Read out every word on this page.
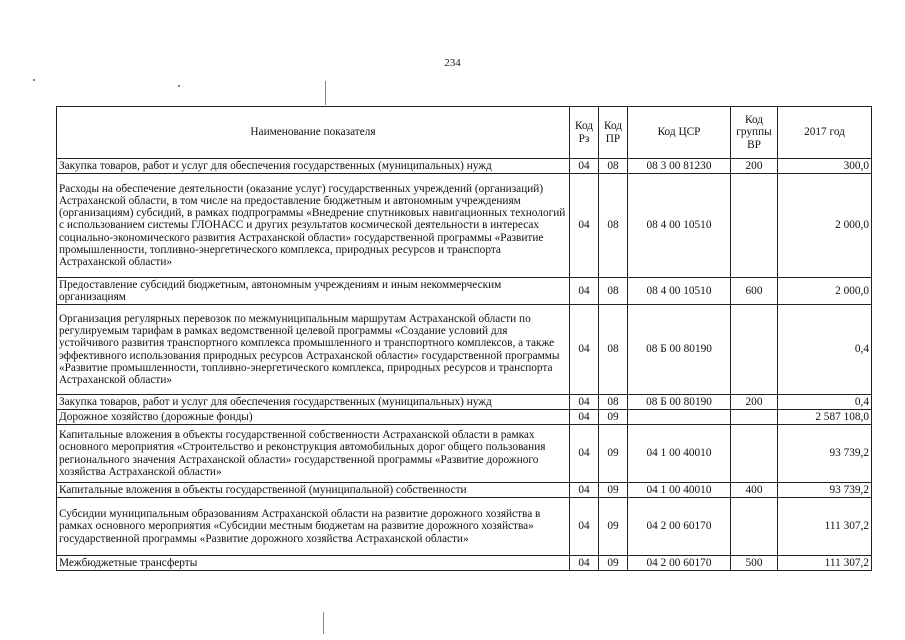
234
Наименование показателя	Код Рз	Код ПР	Код ЦСР	Код группы ВР	2017 год
Закупка товаров, работ и услуг для обеспечения государственных (муниципальных) нужд	04	08	08 3 00 81230	200	300,0
Расходы на обеспечение деятельности (оказание услуг) государственных учреждений (организаций) Астраханской области, в том числе на предоставление бюджетным и автономным учреждениям (организациям) субсидий, в рамках подпрограммы «Внедрение спутниковых навигационных технологий с использованием системы ГЛОНАСС и других результатов космической деятельности в интересах социально-экономического развития Астраханской области» государственной программы «Развитие промышленности, топливно-энергетического комплекса, природных ресурсов и транспорта Астраханской области»	04	08	08 4 00 10510		2 000,0
Предоставление субсидий бюджетным, автономным учреждениям и иным некоммерческим организациям	04	08	08 4 00 10510	600	2 000,0
Организация регулярных перевозок по межмуниципальным маршрутам Астраханской области по регулируемым тарифам в рамках ведомственной целевой программы «Создание условий для устойчивого развития транспортного комплекса промышленного и транспортного комплексов, а также эффективного использования природных ресурсов Астраханской области» государственной программы «Развитие промышленности, топливно-энергетического комплекса, природных ресурсов и транспорта Астраханской области»	04	08	08 Б 00 80190		0,4
Закупка товаров, работ и услуг для обеспечения государственных (муниципальных) нужд	04	08	08 Б 00 80190	200	0,4
Дорожное хозяйство (дорожные фонды)	04	09			2 587 108,0
Капитальные вложения в объекты государственной собственности Астраханской области в рамках основного мероприятия «Строительство и реконструкция автомобильных дорог общего пользования регионального значения Астраханской области» государственной программы «Развитие дорожного хозяйства Астраханской области»	04	09	04 1 00 40010		93 739,2
Капитальные вложения в объекты государственной (муниципальной) собственности	04	09	04 1 00 40010	400	93 739,2
Субсидии муниципальным образованиям Астраханской области на развитие дорожного хозяйства в рамках основного мероприятия «Субсидии местным бюджетам на развитие дорожного хозяйства» государственной программы «Развитие дорожного хозяйства Астраханской области»	04	09	04 2 00 60170		111 307,2
Межбюджетные трансферты	04	09	04 2 00 60170	500	111 307,2
